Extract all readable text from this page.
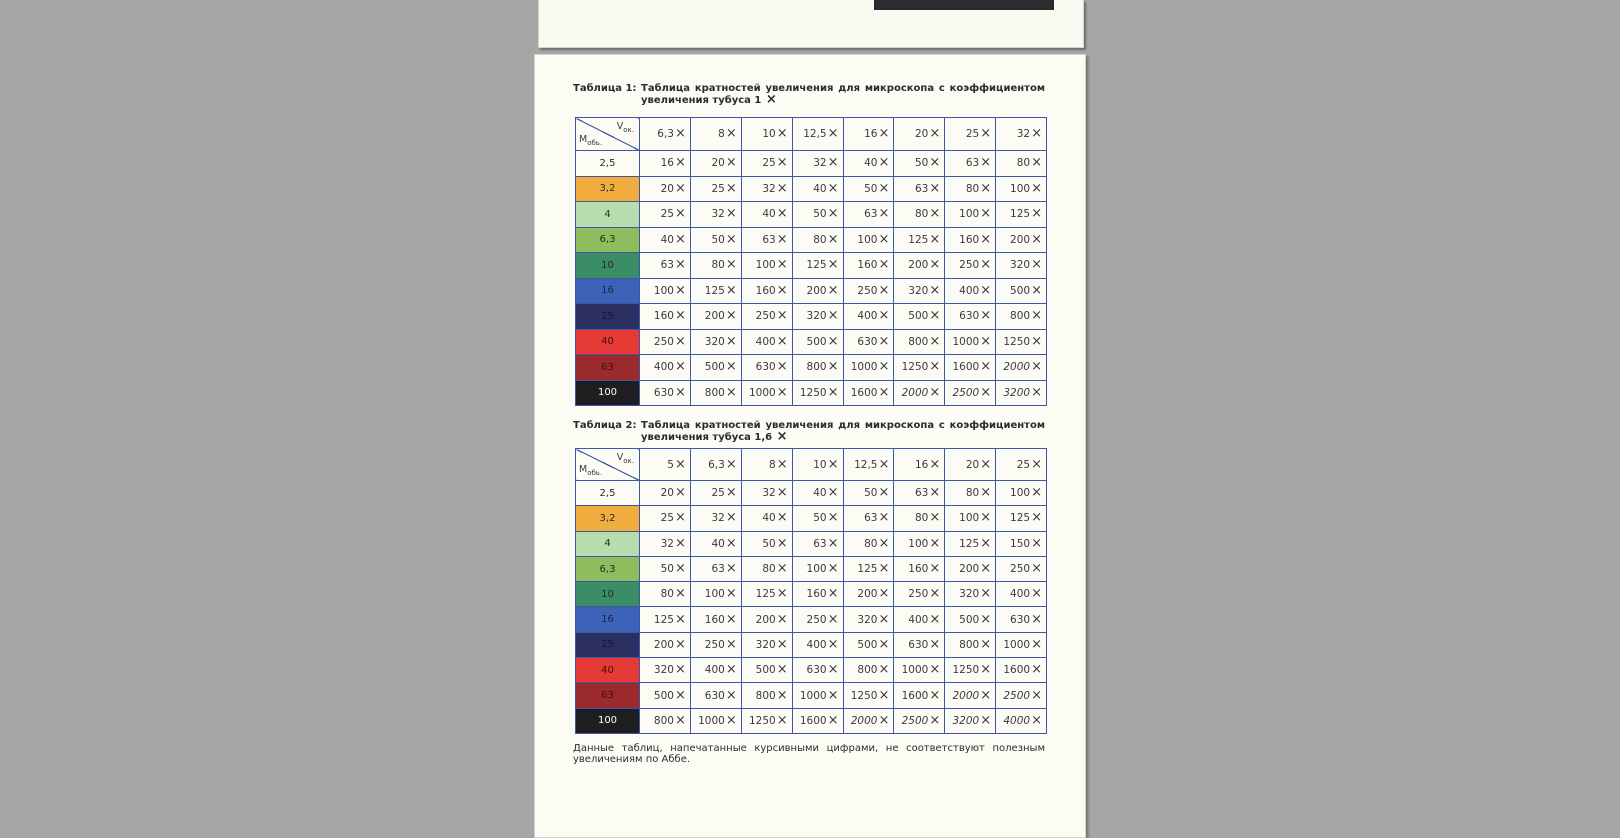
Таблица 1: Таблица кратностей увеличения для микроскопа с коэффициентом увеличения тубуса 1 ×
$V_{ок.}$
$M_{обь.}$	6,3×	8×	10×	12,5×	16×	20×	25×	32×
2,5	16×	20×	25×	32×	40×	50×	63×	80×
3,2	20×	25×	32×	40×	50×	63×	80×	100×
4	25×	32×	40×	50×	63×	80×	100×	125×
6,3	40×	50×	63×	80×	100×	125×	160×	200×
10	63×	80×	100×	125×	160×	200×	250×	320×
16	100×	125×	160×	200×	250×	320×	400×	500×
25	160×	200×	250×	320×	400×	500×	630×	800×
40	250×	320×	400×	500×	630×	800×	1000×	1250×
63	400×	500×	630×	800×	1000×	1250×	1600×	2000×
100	630×	800×	1000×	1250×	1600×	2000×	2500×	3200×
Таблица 2: Таблица кратностей увеличения для микроскопа с коэффициентом увеличения тубуса 1,6 ×
$V_{ок.}$
$M_{обь.}$	5×	6,3×	8×	10×	12,5×	16×	20×	25×
2,5	20×	25×	32×	40×	50×	63×	80×	100×
3,2	25×	32×	40×	50×	63×	80×	100×	125×
4	32×	40×	50×	63×	80×	100×	125×	150×
6,3	50×	63×	80×	100×	125×	160×	200×	250×
10	80×	100×	125×	160×	200×	250×	320×	400×
16	125×	160×	200×	250×	320×	400×	500×	630×
25	200×	250×	320×	400×	500×	630×	800×	1000×
40	320×	400×	500×	630×	800×	1000×	1250×	1600×
63	500×	630×	800×	1000×	1250×	1600×	2000×	2500×
100	800×	1000×	1250×	1600×	2000×	2500×	3200×	4000×
Данные таблиц, напечатанные курсивными цифрами, не соответствуют полезным увеличениям по Аббе.
